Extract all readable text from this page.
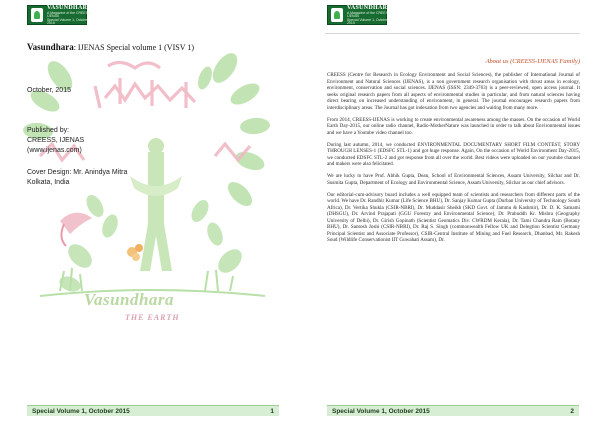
VASUNDHARA
A Magazine of the CREESS-IJENAS
Special Volume 1, October 2015
Vasundhara: IJENAS Special volume 1 (VISV 1)
October, 2015
Published by:
CREESS, IJENAS
(www.ijenas.com)
Cover Design: Mr. Anindya Mitra
Kolkata, India
Vasundhara
THE EARTH
Special Volume 1, October 2015	1
VASUNDHARA
A Magazine of the CREESS-IJENAS
Special Volume 1, October 2015
About us (CREESS-IJENAS Family)

CREESS (Centre for Research in Ecology Environment and Social Sciences), the publisher of International Journal of Environment and Natural Sciences (IJENAS), is a non government research organisation with thrust areas in ecology, environment, conservation and social sciences. IJENAS (ISSN: 2349-3763) is a peer-reviewed, open access journal. It seeks original research papers from all aspects of environmental studies in particular, and from natural sciences having direct bearing on increased understanding of environment, in general. The journal encourages research papers from interdisciplinary areas. The Journal has got indexation from two agencies and waiting from many more.

From 2014, CREESS-IJENAS is working to create environmental awareness among the masses. On the occasion of World Earth Day-2015, our online radio channel, Radio-MotherNature was launched in order to talk about Environmental issues and we have a Youtube video channel too.

During last autumn, 2014, we conducted ENVIRONMENTAL DOCUMENTARY SHORT FILM CONTEST, STORY THROUGH LENSES-1 (EDSFC STL-1) and got huge response. Again, On the occasion of World Environment Day-2015, we conducted EDSFC STL-2 and got response from all over the world. Best videos were uploaded on our youtube channel and makers were also felicitated.

We are lucky to have Prof. Abhik Gupta, Dean, School of Environmental Sciences, Assam University, Silchar and Dr. Susmita Gupta, Department of Ecology and Environmental Science, Assam University, Silchar as our chief advisors.

Our editorial-cum-advisory board includes a well equipped team of scientists and researchers from different parts of the world. We have Dr. Randhir Kumar (Life Science BHU), Dr. Sanjay Kumar Gupta (Durban University of Technology South Africa), Dr. Vertika Shukla (CSIR-NBRI), Dr. Muddasir Sheikh (SKD Govt. of Jammu & Kashmir), Dr. D. K. Satnami (DHSGU), Dr. Arvind Prajapati (GGU Forestry and Environmental Science), Dr. Prabuddh Kr. Mishra (Geography University of Delhi), Dr. Girish Gopinath (Scientist Geomatics Div. CWRDM Kerala), Dr. Tami Chandra Ram (Botany BHU), Dr. Santosh Joshi (CSIR-NBRI), Dr. Raj S. Singh (commonwealth Fellow UK and Delegtion Scientist Germany Principal Scientist and Associate Professor), CSIR-Central Institute of Mining and Fuel Research, Dhanbad, Mr. Rakesh Soud (Wildlife Conservationist IIT Guwahati Assam), Dr.

Special Volume 1, October 2015	2
